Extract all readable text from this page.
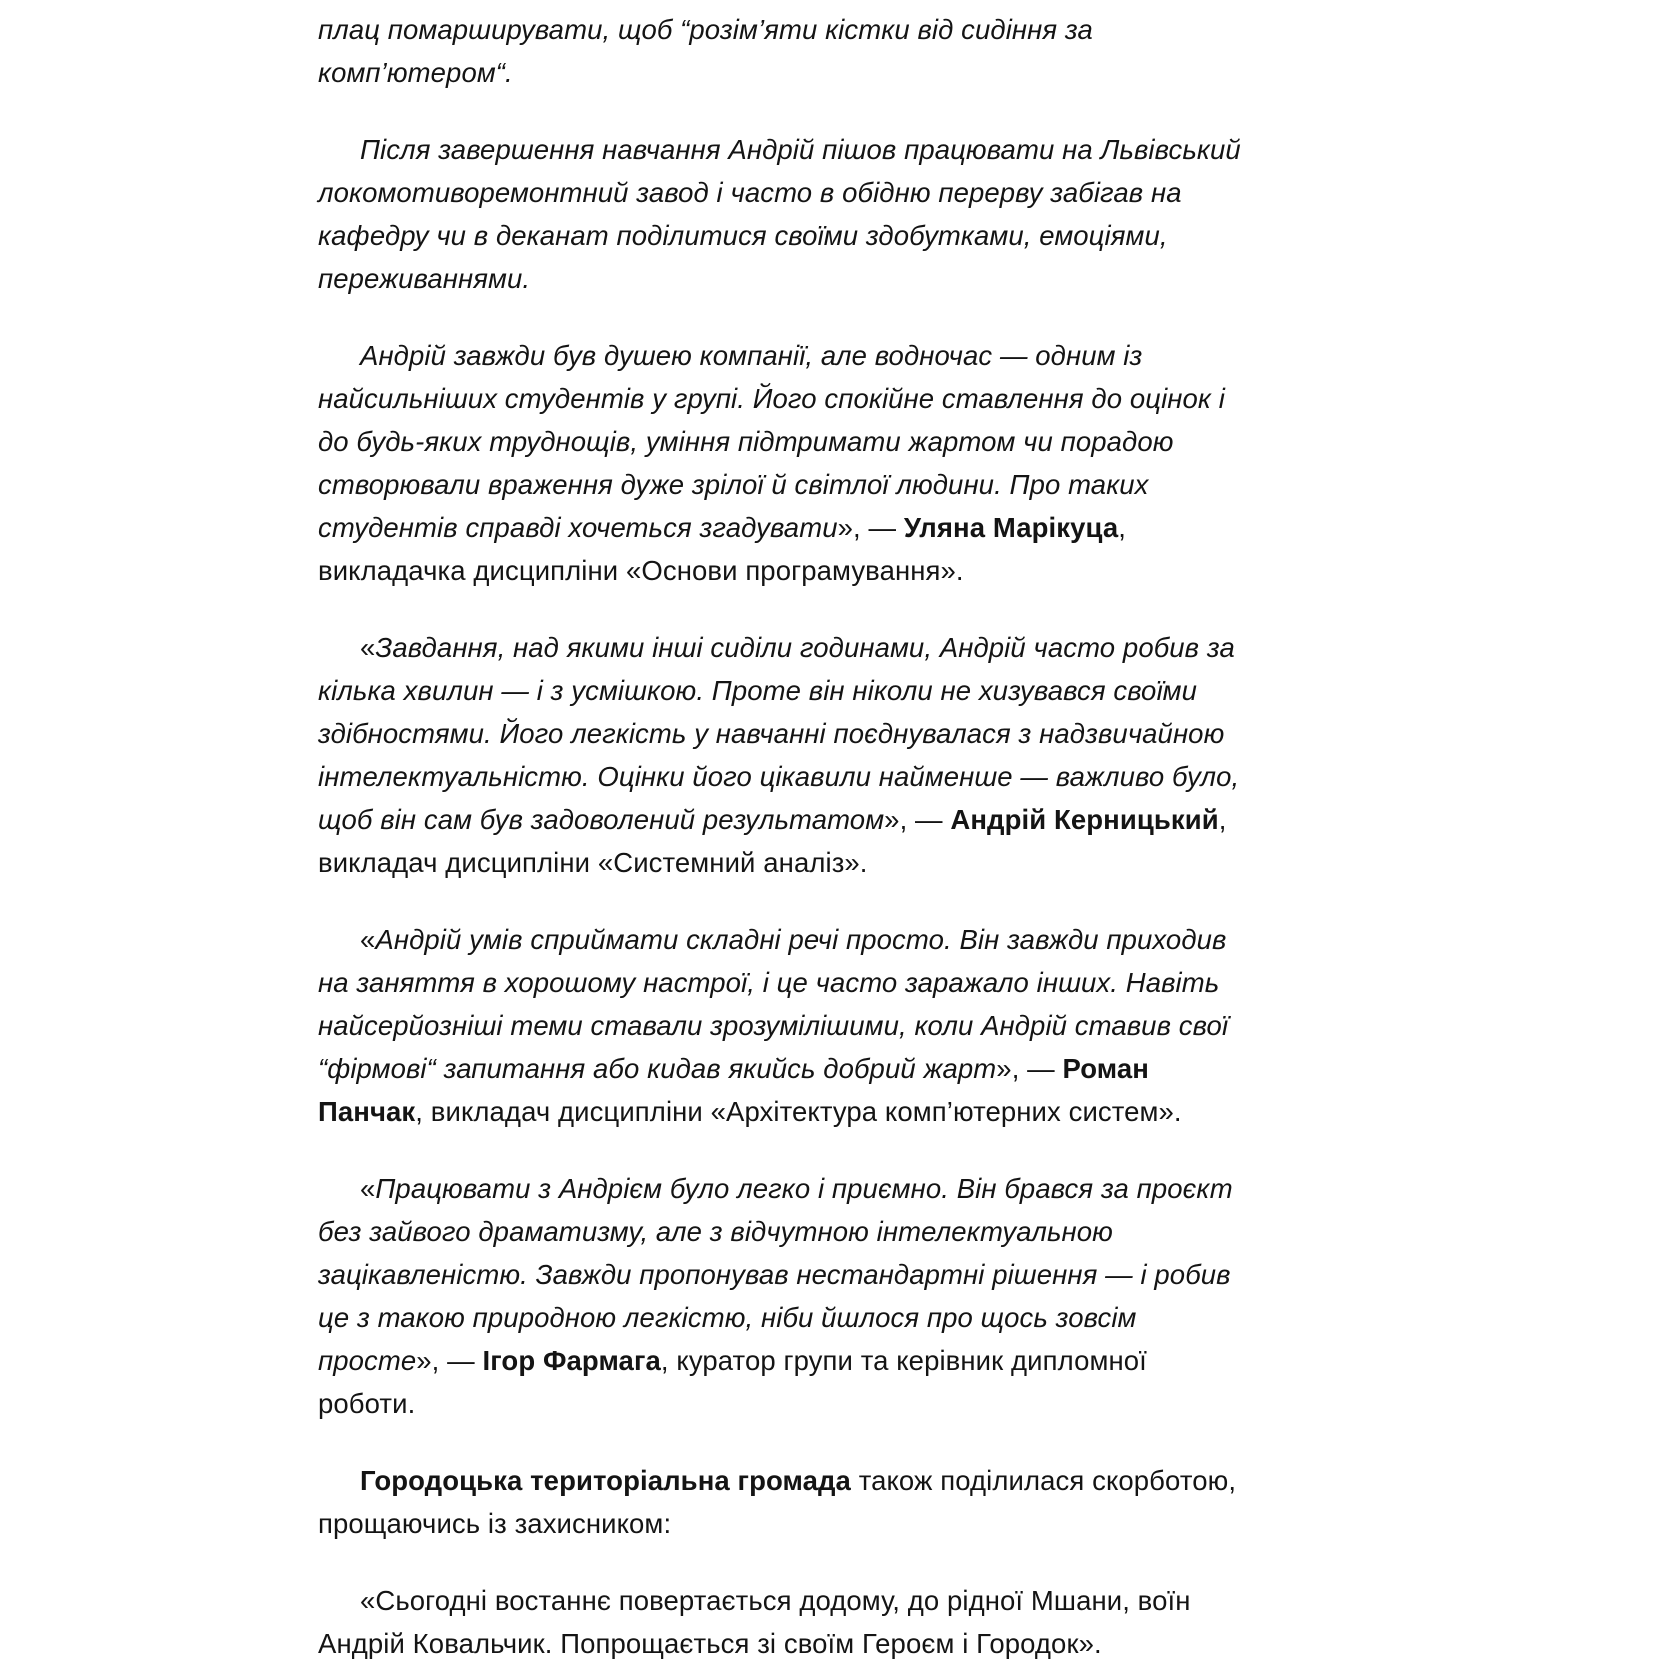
плац помарширувати, щоб “розім’яти кістки від сидіння за комп’ютером“.

Після завершення навчання Андрій пішов працювати на Львівський локомотиворемонтний завод і часто в обідню перерву забігав на кафедру чи в деканат поділитися своїми здобутками, емоціями, переживаннями.

Андрій завжди був душею компанії, але водночас — одним із найсильніших студентів у групі. Його спокійне ставлення до оцінок і до будь-яких труднощів, уміння підтримати жартом чи порадою створювали враження дуже зрілої й світлої людини. Про таких студентів справді хочеться згадувати», — Уляна Марікуца, викладачка дисципліни «Основи програмування».

«Завдання, над якими інші сиділи годинами, Андрій часто робив за кілька хвилин — і з усмішкою. Проте він ніколи не хизувався своїми здібностями. Його легкість у навчанні поєднувалася з надзвичайною інтелектуальністю. Оцінки його цікавили найменше — важливо було, щоб він сам був задоволений результатом», — Андрій Керницький, викладач дисципліни «Системний аналіз».

«Андрій умів сприймати складні речі просто. Він завжди приходив на заняття в хорошому настрої, і це часто заражало інших. Навіть найсерйозніші теми ставали зрозумілішими, коли Андрій ставив свої “фірмові“ запитання або кидав якийсь добрий жарт», — Роман Панчак, викладач дисципліни «Архітектура комп’ютерних систем».

«Працювати з Андрієм було легко і приємно. Він брався за проєкт без зайвого драматизму, але з відчутною інтелектуальною зацікавленістю. Завжди пропонував нестандартні рішення — і робив це з такою природною легкістю, ніби йшлося про щось зовсім просте», — Ігор Фармага, куратор групи та керівник дипломної роботи.

Городоцька територіальна громада також поділилася скорботою, прощаючись із захисником:

«Сьогодні востаннє повертається додому, до рідної Мшани, воїн Андрій Ковальчик. Попрощається зі своїм Героєм і Городок».
